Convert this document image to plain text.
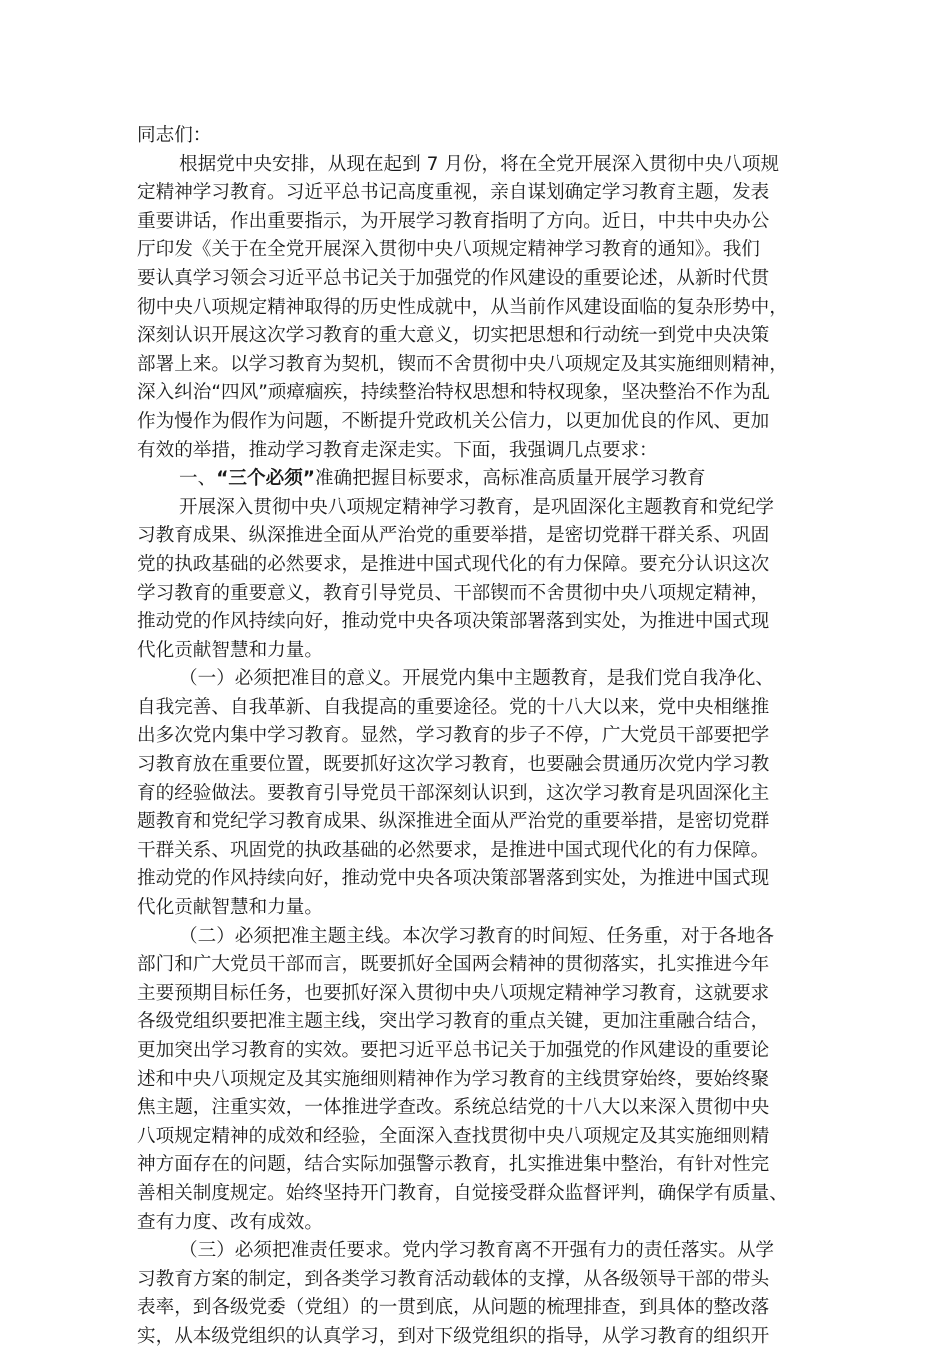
同志们：
根据党中央安排，从现在起到 7 月份，将在全党开展深入贯彻中央八项规
定精神学习教育。习近平总书记高度重视，亲自谋划确定学习教育主题，发表
重要讲话，作出重要指示，为开展学习教育指明了方向。近日，中共中央办公
厅印发《关于在全党开展深入贯彻中央八项规定精神学习教育的通知》。我们
要认真学习领会习近平总书记关于加强党的作风建设的重要论述，从新时代贯
彻中央八项规定精神取得的历史性成就中，从当前作风建设面临的复杂形势中，
深刻认识开展这次学习教育的重大意义，切实把思想和行动统一到党中央决策
部署上来。以学习教育为契机，锲而不舍贯彻中央八项规定及其实施细则精神，
深入纠治“四风”顽瘴痼疾，持续整治特权思想和特权现象，坚决整治不作为乱
作为慢作为假作为问题，不断提升党政机关公信力，以更加优良的作风、更加
有效的举措，推动学习教育走深走实。下面，我强调几点要求：
一、“三个必须”准确把握目标要求，高标准高质量开展学习教育
开展深入贯彻中央八项规定精神学习教育，是巩固深化主题教育和党纪学
习教育成果、纵深推进全面从严治党的重要举措，是密切党群干群关系、巩固
党的执政基础的必然要求，是推进中国式现代化的有力保障。要充分认识这次
学习教育的重要意义，教育引导党员、干部锲而不舍贯彻中央八项规定精神，
推动党的作风持续向好，推动党中央各项决策部署落到实处，为推进中国式现
代化贡献智慧和力量。
（一）必须把准目的意义。开展党内集中主题教育，是我们党自我净化、
自我完善、自我革新、自我提高的重要途径。党的十八大以来，党中央相继推
出多次党内集中学习教育。显然，学习教育的步子不停，广大党员干部要把学
习教育放在重要位置，既要抓好这次学习教育，也要融会贯通历次党内学习教
育的经验做法。要教育引导党员干部深刻认识到，这次学习教育是巩固深化主
题教育和党纪学习教育成果、纵深推进全面从严治党的重要举措，是密切党群
干群关系、巩固党的执政基础的必然要求，是推进中国式现代化的有力保障。
推动党的作风持续向好，推动党中央各项决策部署落到实处，为推进中国式现
代化贡献智慧和力量。
（二）必须把准主题主线。本次学习教育的时间短、任务重，对于各地各
部门和广大党员干部而言，既要抓好全国两会精神的贯彻落实，扎实推进今年
主要预期目标任务，也要抓好深入贯彻中央八项规定精神学习教育，这就要求
各级党组织要把准主题主线，突出学习教育的重点关键，更加注重融合结合，
更加突出学习教育的实效。要把习近平总书记关于加强党的作风建设的重要论
述和中央八项规定及其实施细则精神作为学习教育的主线贯穿始终，要始终聚
焦主题，注重实效，一体推进学查改。系统总结党的十八大以来深入贯彻中央
八项规定精神的成效和经验，全面深入查找贯彻中央八项规定及其实施细则精
神方面存在的问题，结合实际加强警示教育，扎实推进集中整治，有针对性完
善相关制度规定。始终坚持开门教育，自觉接受群众监督评判，确保学有质量、
查有力度、改有成效。
（三）必须把准责任要求。党内学习教育离不开强有力的责任落实。从学
习教育方案的制定，到各类学习教育活动载体的支撑，从各级领导干部的带头
表率，到各级党委（党组）的一贯到底，从问题的梳理排查，到具体的整改落
实，从本级党组织的认真学习，到对下级党组织的指导，从学习教育的组织开
